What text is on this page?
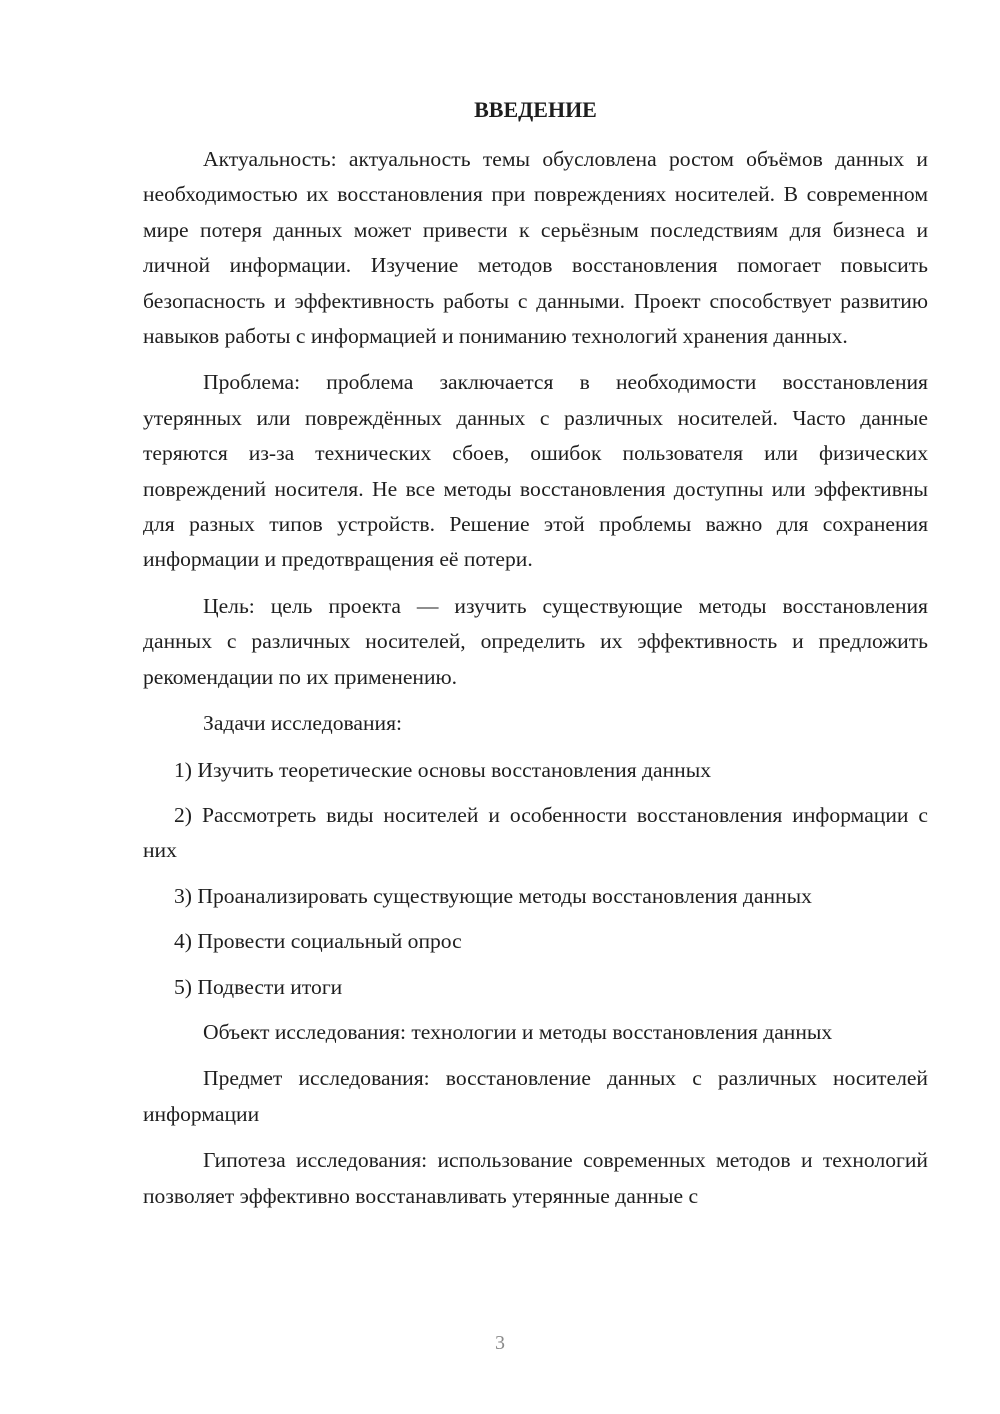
ВВЕДЕНИЕ

Актуальность: актуальность темы обусловлена ростом объёмов данных и необходимостью их восстановления при повреждениях носителей. В современном мире потеря данных может привести к серьёзным последствиям для бизнеса и личной информации. Изучение методов восстановления помогает повысить безопасность и эффективность работы с данными. Проект способствует развитию навыков работы с информацией и пониманию технологий хранения данных.

Проблема: проблема заключается в необходимости восстановления утерянных или повреждённых данных с различных носителей. Часто данные теряются из-за технических сбоев, ошибок пользователя или физических повреждений носителя. Не все методы восстановления доступны или эффективны для разных типов устройств. Решение этой проблемы важно для сохранения информации и предотвращения её потери.

Цель: цель проекта — изучить существующие методы восстановления данных с различных носителей, определить их эффективность и предложить рекомендации по их применению.

Задачи исследования:

1) Изучить теоретические основы восстановления данных

2) Рассмотреть виды носителей и особенности восстановления информации с них

3) Проанализировать существующие методы восстановления данных

4) Провести социальный опрос

5) Подвести итоги

Объект исследования: технологии и методы восстановления данных

Предмет исследования: восстановление данных с различных носителей информации

Гипотеза исследования: использование современных методов и технологий позволяет эффективно восстанавливать утерянные данные с

3
